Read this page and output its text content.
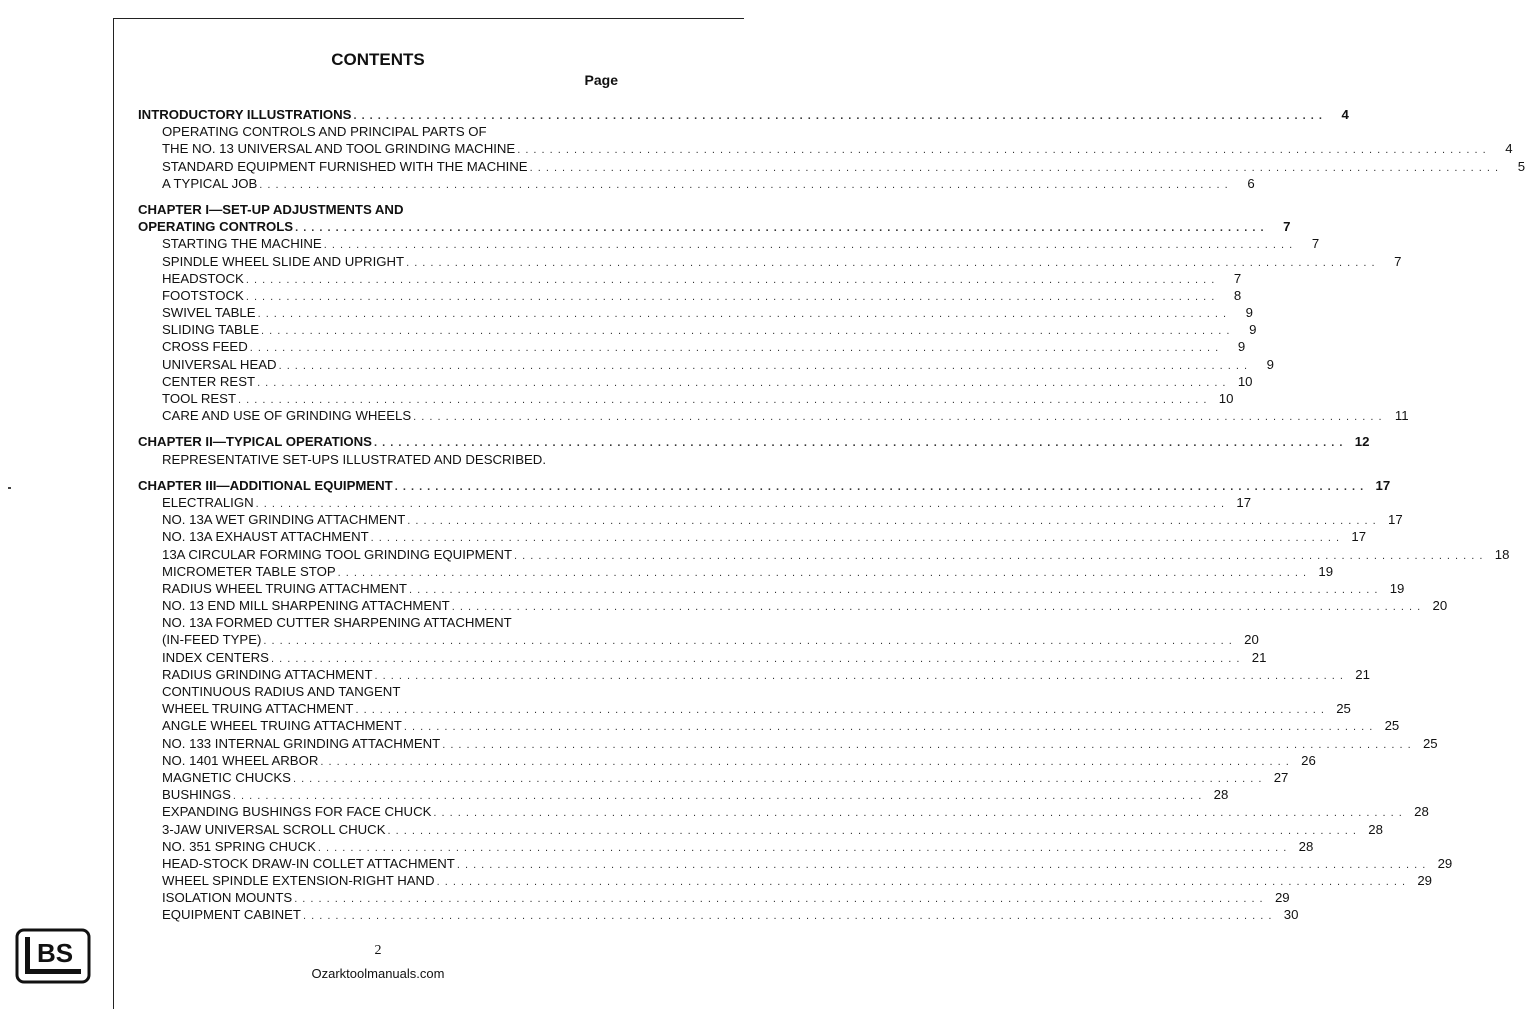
CONTENTS
Page
INTRODUCTORY ILLUSTRATIONS . . . . . . . . . . . . . . . . . . . . . . . . . . . . . . . . . . . . . . . . . . . . . . . . . . . . . . . . . . . . . . . . . . . . . . . . . . . . . . . . . . . . . . . . . . . . . . . . . . . . . . . . . . . . . . . . . . . . . . . .	4
OPERATING CONTROLS AND PRINCIPAL PARTS OF
THE NO. 13 UNIVERSAL AND TOOL GRINDING MACHINE . . . . . . . . . . . . . . . . . . . . . . . . . . . . . . . . . . . . . . . . . . . . . . . . . . . . . . . . . . . . . . . . . . . . . . . . . . . . . . . . . . . . . . . . . . . . . . . . . . . . . . . . . . . . . . . . . . . . . . . .	4
STANDARD EQUIPMENT FURNISHED WITH THE MACHINE . . . . . . . . . . . . . . . . . . . . . . . . . . . . . . . . . . . . . . . . . . . . . . . . . . . . . . . . . . . . . . . . . . . . . . . . . . . . . . . . . . . . . . . . . . . . . . . . . . . . . . . . . . . . . . . . . . . . . . . .	5
A TYPICAL JOB . . . . . . . . . . . . . . . . . . . . . . . . . . . . . . . . . . . . . . . . . . . . . . . . . . . . . . . . . . . . . . . . . . . . . . . . . . . . . . . . . . . . . . . . . . . . . . . . . . . . . . . . . . . . . . . . . . . . . . . .	6
CHAPTER I—SET-UP ADJUSTMENTS AND
OPERATING CONTROLS . . . . . . . . . . . . . . . . . . . . . . . . . . . . . . . . . . . . . . . . . . . . . . . . . . . . . . . . . . . . . . . . . . . . . . . . . . . . . . . . . . . . . . . . . . . . . . . . . . . . . . . . . . . . . . . . . . . . . . . .	7
STARTING THE MACHINE . . . . . . . . . . . . . . . . . . . . . . . . . . . . . . . . . . . . . . . . . . . . . . . . . . . . . . . . . . . . . . . . . . . . . . . . . . . . . . . . . . . . . . . . . . . . . . . . . . . . . . . . . . . . . . . . . . . . . . . .	7
SPINDLE WHEEL SLIDE AND UPRIGHT . . . . . . . . . . . . . . . . . . . . . . . . . . . . . . . . . . . . . . . . . . . . . . . . . . . . . . . . . . . . . . . . . . . . . . . . . . . . . . . . . . . . . . . . . . . . . . . . . . . . . . . . . . . . . . . . . . . . . . . .	7
HEADSTOCK . . . . . . . . . . . . . . . . . . . . . . . . . . . . . . . . . . . . . . . . . . . . . . . . . . . . . . . . . . . . . . . . . . . . . . . . . . . . . . . . . . . . . . . . . . . . . . . . . . . . . . . . . . . . . . . . . . . . . . . .	7
FOOTSTOCK . . . . . . . . . . . . . . . . . . . . . . . . . . . . . . . . . . . . . . . . . . . . . . . . . . . . . . . . . . . . . . . . . . . . . . . . . . . . . . . . . . . . . . . . . . . . . . . . . . . . . . . . . . . . . . . . . . . . . . . .	8
SWIVEL TABLE . . . . . . . . . . . . . . . . . . . . . . . . . . . . . . . . . . . . . . . . . . . . . . . . . . . . . . . . . . . . . . . . . . . . . . . . . . . . . . . . . . . . . . . . . . . . . . . . . . . . . . . . . . . . . . . . . . . . . . . .	9
SLIDING TABLE . . . . . . . . . . . . . . . . . . . . . . . . . . . . . . . . . . . . . . . . . . . . . . . . . . . . . . . . . . . . . . . . . . . . . . . . . . . . . . . . . . . . . . . . . . . . . . . . . . . . . . . . . . . . . . . . . . . . . . . .	9
CROSS FEED . . . . . . . . . . . . . . . . . . . . . . . . . . . . . . . . . . . . . . . . . . . . . . . . . . . . . . . . . . . . . . . . . . . . . . . . . . . . . . . . . . . . . . . . . . . . . . . . . . . . . . . . . . . . . . . . . . . . . . . .	9
UNIVERSAL HEAD . . . . . . . . . . . . . . . . . . . . . . . . . . . . . . . . . . . . . . . . . . . . . . . . . . . . . . . . . . . . . . . . . . . . . . . . . . . . . . . . . . . . . . . . . . . . . . . . . . . . . . . . . . . . . . . . . . . . . . . .	9
CENTER REST . . . . . . . . . . . . . . . . . . . . . . . . . . . . . . . . . . . . . . . . . . . . . . . . . . . . . . . . . . . . . . . . . . . . . . . . . . . . . . . . . . . . . . . . . . . . . . . . . . . . . . . . . . . . . . . . . . . . . . . . 10
TOOL REST . . . . . . . . . . . . . . . . . . . . . . . . . . . . . . . . . . . . . . . . . . . . . . . . . . . . . . . . . . . . . . . . . . . . . . . . . . . . . . . . . . . . . . . . . . . . . . . . . . . . . . . . . . . . . . . . . . . . . . . . 10
CARE AND USE OF GRINDING WHEELS . . . . . . . . . . . . . . . . . . . . . . . . . . . . . . . . . . . . . . . . . . . . . . . . . . . . . . . . . . . . . . . . . . . . . . . . . . . . . . . . . . . . . . . . . . . . . . . . . . . . . . . . . . . . . . . . . . . . . . . . 11
CHAPTER II—TYPICAL OPERATIONS . . . . . . . . . . . . . . . . . . . . . . . . . . . . . . . . . . . . . . . . . . . . . . . . . . . . . . . . . . . . . . . . . . . . . . . . . . . . . . . . . . . . . . . . . . . . . . . . . . . . . . . . . . . . . . . . . . . . . . . . 12
REPRESENTATIVE SET-UPS ILLUSTRATED AND DESCRIBED.
CHAPTER III—ADDITIONAL EQUIPMENT . . . . . . . . . . . . . . . . . . . . . . . . . . . . . . . . . . . . . . . . . . . . . . . . . . . . . . . . . . . . . . . . . . . . . . . . . . . . . . . . . . . . . . . . . . . . . . . . . . . . . . . . . . . . . . . . . . . . . . . . 17
ELECTRALIGN . . . . . . . . . . . . . . . . . . . . . . . . . . . . . . . . . . . . . . . . . . . . . . . . . . . . . . . . . . . . . . . . . . . . . . . . . . . . . . . . . . . . . . . . . . . . . . . . . . . . . . . . . . . . . . . . . . . . . . . . 17
NO. 13A WET GRINDING ATTACHMENT . . . . . . . . . . . . . . . . . . . . . . . . . . . . . . . . . . . . . . . . . . . . . . . . . . . . . . . . . . . . . . . . . . . . . . . . . . . . . . . . . . . . . . . . . . . . . . . . . . . . . . . . . . . . . . . . . . . . . . . . 17
NO. 13A EXHAUST ATTACHMENT . . . . . . . . . . . . . . . . . . . . . . . . . . . . . . . . . . . . . . . . . . . . . . . . . . . . . . . . . . . . . . . . . . . . . . . . . . . . . . . . . . . . . . . . . . . . . . . . . . . . . . . . . . . . . . . . . . . . . . . . 17
13A CIRCULAR FORMING TOOL GRINDING EQUIPMENT . . . . . . . . . . . . . . . . . . . . . . . . . . . . . . . . . . . . . . . . . . . . . . . . . . . . . . . . . . . . . . . . . . . . . . . . . . . . . . . . . . . . . . . . . . . . . . . . . . . . . . . . . . . . . . . . . . . . . . . . 18
MICROMETER TABLE STOP . . . . . . . . . . . . . . . . . . . . . . . . . . . . . . . . . . . . . . . . . . . . . . . . . . . . . . . . . . . . . . . . . . . . . . . . . . . . . . . . . . . . . . . . . . . . . . . . . . . . . . . . . . . . . . . . . . . . . . . . 19
RADIUS WHEEL TRUING ATTACHMENT . . . . . . . . . . . . . . . . . . . . . . . . . . . . . . . . . . . . . . . . . . . . . . . . . . . . . . . . . . . . . . . . . . . . . . . . . . . . . . . . . . . . . . . . . . . . . . . . . . . . . . . . . . . . . . . . . . . . . . . . 19
NO. 13 END MILL SHARPENING ATTACHMENT . . . . . . . . . . . . . . . . . . . . . . . . . . . . . . . . . . . . . . . . . . . . . . . . . . . . . . . . . . . . . . . . . . . . . . . . . . . . . . . . . . . . . . . . . . . . . . . . . . . . . . . . . . . . . . . . . . . . . . . . 20
NO. 13A FORMED CUTTER SHARPENING ATTACHMENT
(IN-FEED TYPE) . . . . . . . . . . . . . . . . . . . . . . . . . . . . . . . . . . . . . . . . . . . . . . . . . . . . . . . . . . . . . . . . . . . . . . . . . . . . . . . . . . . . . . . . . . . . . . . . . . . . . . . . . . . . . . . . . . . . . . . . 20
INDEX CENTERS . . . . . . . . . . . . . . . . . . . . . . . . . . . . . . . . . . . . . . . . . . . . . . . . . . . . . . . . . . . . . . . . . . . . . . . . . . . . . . . . . . . . . . . . . . . . . . . . . . . . . . . . . . . . . . . . . . . . . . . . 21
RADIUS GRINDING ATTACHMENT . . . . . . . . . . . . . . . . . . . . . . . . . . . . . . . . . . . . . . . . . . . . . . . . . . . . . . . . . . . . . . . . . . . . . . . . . . . . . . . . . . . . . . . . . . . . . . . . . . . . . . . . . . . . . . . . . . . . . . . . 21
CONTINUOUS RADIUS AND TANGENT
WHEEL TRUING ATTACHMENT . . . . . . . . . . . . . . . . . . . . . . . . . . . . . . . . . . . . . . . . . . . . . . . . . . . . . . . . . . . . . . . . . . . . . . . . . . . . . . . . . . . . . . . . . . . . . . . . . . . . . . . . . . . . . . . . . . . . . . . . 25
ANGLE WHEEL TRUING ATTACHMENT . . . . . . . . . . . . . . . . . . . . . . . . . . . . . . . . . . . . . . . . . . . . . . . . . . . . . . . . . . . . . . . . . . . . . . . . . . . . . . . . . . . . . . . . . . . . . . . . . . . . . . . . . . . . . . . . . . . . . . . . 25
NO. 133 INTERNAL GRINDING ATTACHMENT . . . . . . . . . . . . . . . . . . . . . . . . . . . . . . . . . . . . . . . . . . . . . . . . . . . . . . . . . . . . . . . . . . . . . . . . . . . . . . . . . . . . . . . . . . . . . . . . . . . . . . . . . . . . . . . . . . . . . . . . 25
NO. 1401 WHEEL ARBOR . . . . . . . . . . . . . . . . . . . . . . . . . . . . . . . . . . . . . . . . . . . . . . . . . . . . . . . . . . . . . . . . . . . . . . . . . . . . . . . . . . . . . . . . . . . . . . . . . . . . . . . . . . . . . . . . . . . . . . . . 26
MAGNETIC CHUCKS . . . . . . . . . . . . . . . . . . . . . . . . . . . . . . . . . . . . . . . . . . . . . . . . . . . . . . . . . . . . . . . . . . . . . . . . . . . . . . . . . . . . . . . . . . . . . . . . . . . . . . . . . . . . . . . . . . . . . . . . 27
BUSHINGS . . . . . . . . . . . . . . . . . . . . . . . . . . . . . . . . . . . . . . . . . . . . . . . . . . . . . . . . . . . . . . . . . . . . . . . . . . . . . . . . . . . . . . . . . . . . . . . . . . . . . . . . . . . . . . . . . . . . . . . . 28
EXPANDING BUSHINGS FOR FACE CHUCK . . . . . . . . . . . . . . . . . . . . . . . . . . . . . . . . . . . . . . . . . . . . . . . . . . . . . . . . . . . . . . . . . . . . . . . . . . . . . . . . . . . . . . . . . . . . . . . . . . . . . . . . . . . . . . . . . . . . . . . . 28
3-JAW UNIVERSAL SCROLL CHUCK . . . . . . . . . . . . . . . . . . . . . . . . . . . . . . . . . . . . . . . . . . . . . . . . . . . . . . . . . . . . . . . . . . . . . . . . . . . . . . . . . . . . . . . . . . . . . . . . . . . . . . . . . . . . . . . . . . . . . . . . 28
NO. 351 SPRING CHUCK . . . . . . . . . . . . . . . . . . . . . . . . . . . . . . . . . . . . . . . . . . . . . . . . . . . . . . . . . . . . . . . . . . . . . . . . . . . . . . . . . . . . . . . . . . . . . . . . . . . . . . . . . . . . . . . . . . . . . . . . 28
HEAD-STOCK DRAW-IN COLLET ATTACHMENT . . . . . . . . . . . . . . . . . . . . . . . . . . . . . . . . . . . . . . . . . . . . . . . . . . . . . . . . . . . . . . . . . . . . . . . . . . . . . . . . . . . . . . . . . . . . . . . . . . . . . . . . . . . . . . . . . . . . . . . . 29
WHEEL SPINDLE EXTENSION-RIGHT HAND . . . . . . . . . . . . . . . . . . . . . . . . . . . . . . . . . . . . . . . . . . . . . . . . . . . . . . . . . . . . . . . . . . . . . . . . . . . . . . . . . . . . . . . . . . . . . . . . . . . . . . . . . . . . . . . . . . . . . . . . 29
ISOLATION MOUNTS . . . . . . . . . . . . . . . . . . . . . . . . . . . . . . . . . . . . . . . . . . . . . . . . . . . . . . . . . . . . . . . . . . . . . . . . . . . . . . . . . . . . . . . . . . . . . . . . . . . . . . . . . . . . . . . . . . . . . . . . 29
EQUIPMENT CABINET . . . . . . . . . . . . . . . . . . . . . . . . . . . . . . . . . . . . . . . . . . . . . . . . . . . . . . . . . . . . . . . . . . . . . . . . . . . . . . . . . . . . . . . . . . . . . . . . . . . . . . . . . . . . . . . . . . . . . . . . 30
BS	2
Ozarktoolmanuals.com
